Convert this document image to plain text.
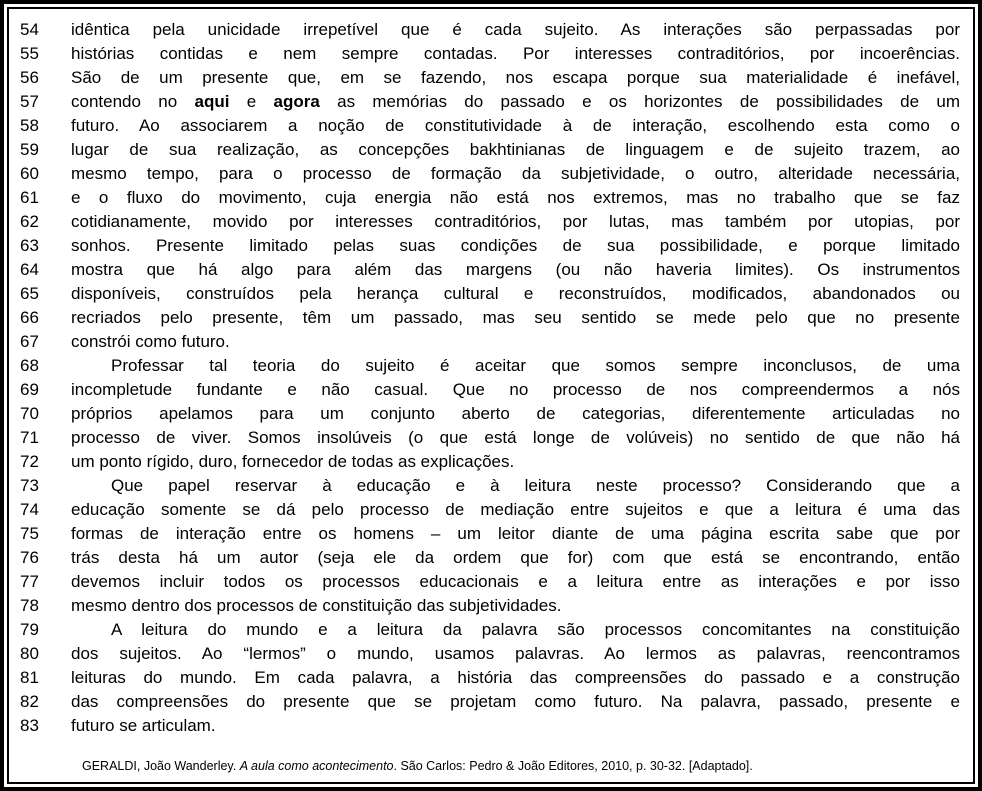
54	idêntica pela unicidade irrepetível que é cada sujeito. As interações são perpassadas por
55	histórias contidas e nem sempre contadas. Por interesses contraditórios, por incoerências.
56	São de um presente que, em se fazendo, nos escapa porque sua materialidade é inefável,
57	contendo no aqui e agora as memórias do passado e os horizontes de possibilidades de um
58	futuro. Ao associarem a noção de constitutividade à de interação, escolhendo esta como o
59	lugar de sua realização, as concepções bakhtinianas de linguagem e de sujeito trazem, ao
60	mesmo tempo, para o processo de formação da subjetividade, o outro, alteridade necessária,
61	e o fluxo do movimento, cuja energia não está nos extremos, mas no trabalho que se faz
62	cotidianamente, movido por interesses contraditórios, por lutas, mas também por utopias, por
63	sonhos. Presente limitado pelas suas condições de sua possibilidade, e porque limitado
64	mostra que há algo para além das margens (ou não haveria limites). Os instrumentos
65	disponíveis, construídos pela herança cultural e reconstruídos, modificados, abandonados ou
66	recriados pelo presente, têm um passado, mas seu sentido se mede pelo que no presente
67	constrói como futuro.
68	Professar tal teoria do sujeito é aceitar que somos sempre inconclusos, de uma
69	incompletude fundante e não casual. Que no processo de nos compreendermos a nós
70	próprios apelamos para um conjunto aberto de categorias, diferentemente articuladas no
71	processo de viver. Somos insolúveis (o que está longe de volúveis) no sentido de que não há
72	um ponto rígido, duro, fornecedor de todas as explicações.
73	Que papel reservar à educação e à leitura neste processo? Considerando que a
74	educação somente se dá pelo processo de mediação entre sujeitos e que a leitura é uma das
75	formas de interação entre os homens – um leitor diante de uma página escrita sabe que por
76	trás desta há um autor (seja ele da ordem que for) com que está se encontrando, então
77	devemos incluir todos os processos educacionais e a leitura entre as interações e por isso
78	mesmo dentro dos processos de constituição das subjetividades.
79	A leitura do mundo e a leitura da palavra são processos concomitantes na constituição
80	dos sujeitos. Ao “lermos” o mundo, usamos palavras. Ao lermos as palavras, reencontramos
81	leituras do mundo. Em cada palavra, a história das compreensões do passado e a construção
82	das compreensões do presente que se projetam como futuro. Na palavra, passado, presente e
83	futuro se articulam.
GERALDI, João Wanderley. A aula como acontecimento. São Carlos: Pedro & João Editores, 2010, p. 30-32. [Adaptado].
